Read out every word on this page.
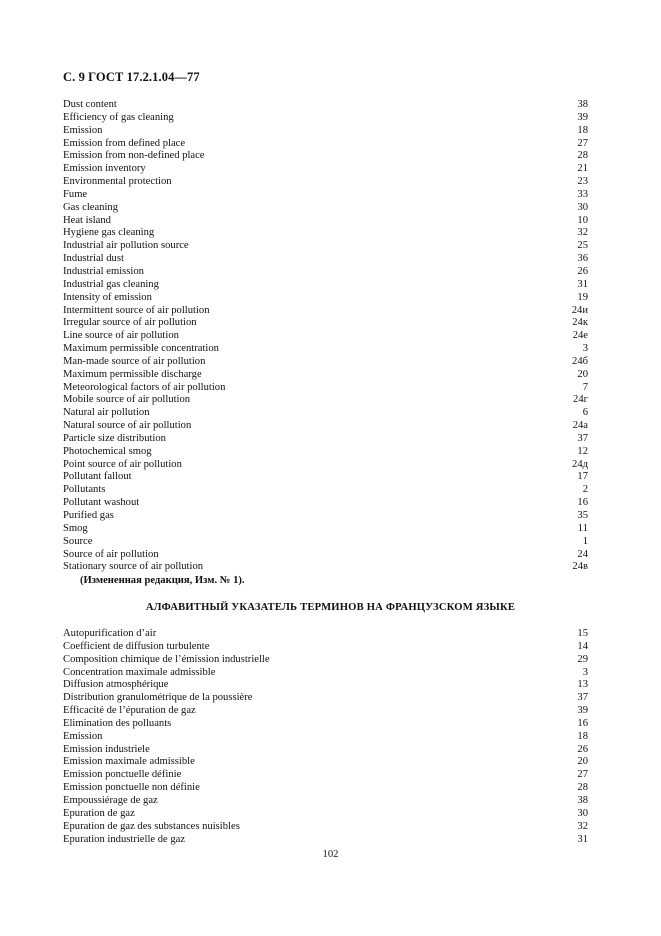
С. 9 ГОСТ 17.2.1.04—77
Dust content	38
Efficiency of gas cleaning	39
Emission	18
Emission from defined place	27
Emission from non-defined place	28
Emission inventory	21
Environmental protection	23
Fume	33
Gas cleaning	30
Heat island	10
Hygiene gas cleaning	32
Industrial air pollution source	25
Industrial dust	36
Industrial emission	26
Industrial gas cleaning	31
Intensity of emission	19
Intermittent source of air pollution	24и
Irregular source of air pollution	24к
Line source of air pollution	24е
Maximum permissible concentration	3
Man-made source of air pollution	24б
Maximum permissible discharge	20
Meteorological factors of air pollution	7
Mobile source of air pollution	24г
Natural air pollution	6
Natural source of air pollution	24а
Particle size distribution	37
Photochemical smog	12
Point source of air pollution	24д
Pollutant fallout	17
Pollutants	2
Pollutant washout	16
Purified gas	35
Smog	11
Source	1
Source of air pollution	24
Stationary source of air pollution	24в
(Измененная редакция, Изм. № 1).
АЛФАВИТНЫЙ УКАЗАТЕЛЬ ТЕРМИНОВ НА ФРАНЦУЗСКОМ ЯЗЫКЕ
Autopurification d’air	15
Coefficient de diffusion turbulente	14
Composition chimique de l’émission industrielle	29
Concentration maximale admissible	3
Diffusion atmosphérique	13
Distribution granulométrique de la poussière	37
Efficacité de l’épuration de gaz	39
Elimination des polluants	16
Emission	18
Emission industriele	26
Emission maximale admissible	20
Emission ponctuelle définie	27
Emission ponctuelle non définie	28
Empoussiérage de gaz	38
Epuration de gaz	30
Epuration de gaz des substances nuisibles	32
Epuration industrielle de gaz	31
102
